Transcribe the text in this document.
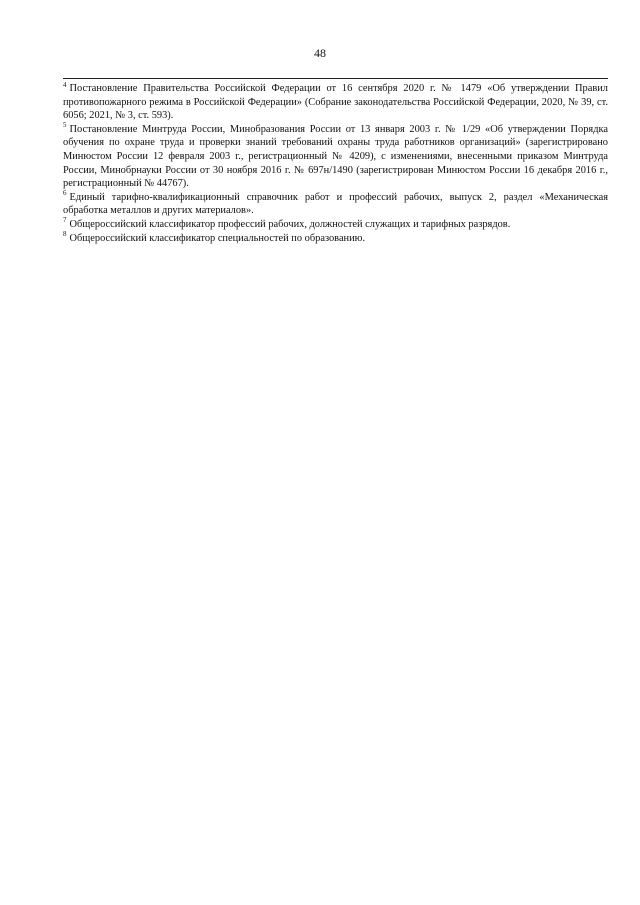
48

$^4$ Постановление Правительства Российской Федерации от 16 сентября 2020 г. № 1479 «Об утверждении Правил противопожарного режима в Российской Федерации» (Собрание законодательства Российской Федерации, 2020, № 39, ст. 6056; 2021, № 3, ст. 593).

$^5$ Постановление Минтруда России, Минобразования России от 13 января 2003 г. № 1/29 «Об утверждении Порядка обучения по охране труда и проверки знаний требований охраны труда работников организаций» (зарегистрировано Минюстом России 12 февраля 2003 г., регистрационный № 4209), с изменениями, внесенными приказом Минтруда России, Минобрнауки России от 30 ноября 2016 г. № 697н/1490 (зарегистрирован Минюстом России 16 декабря 2016 г., регистрационный № 44767).

$^6$ Единый тарифно-квалификационный справочник работ и профессий рабочих, выпуск 2, раздел «Механическая обработка металлов и других материалов».

$^7$ Общероссийский классификатор профессий рабочих, должностей служащих и тарифных разрядов.

$^8$ Общероссийский классификатор специальностей по образованию.
